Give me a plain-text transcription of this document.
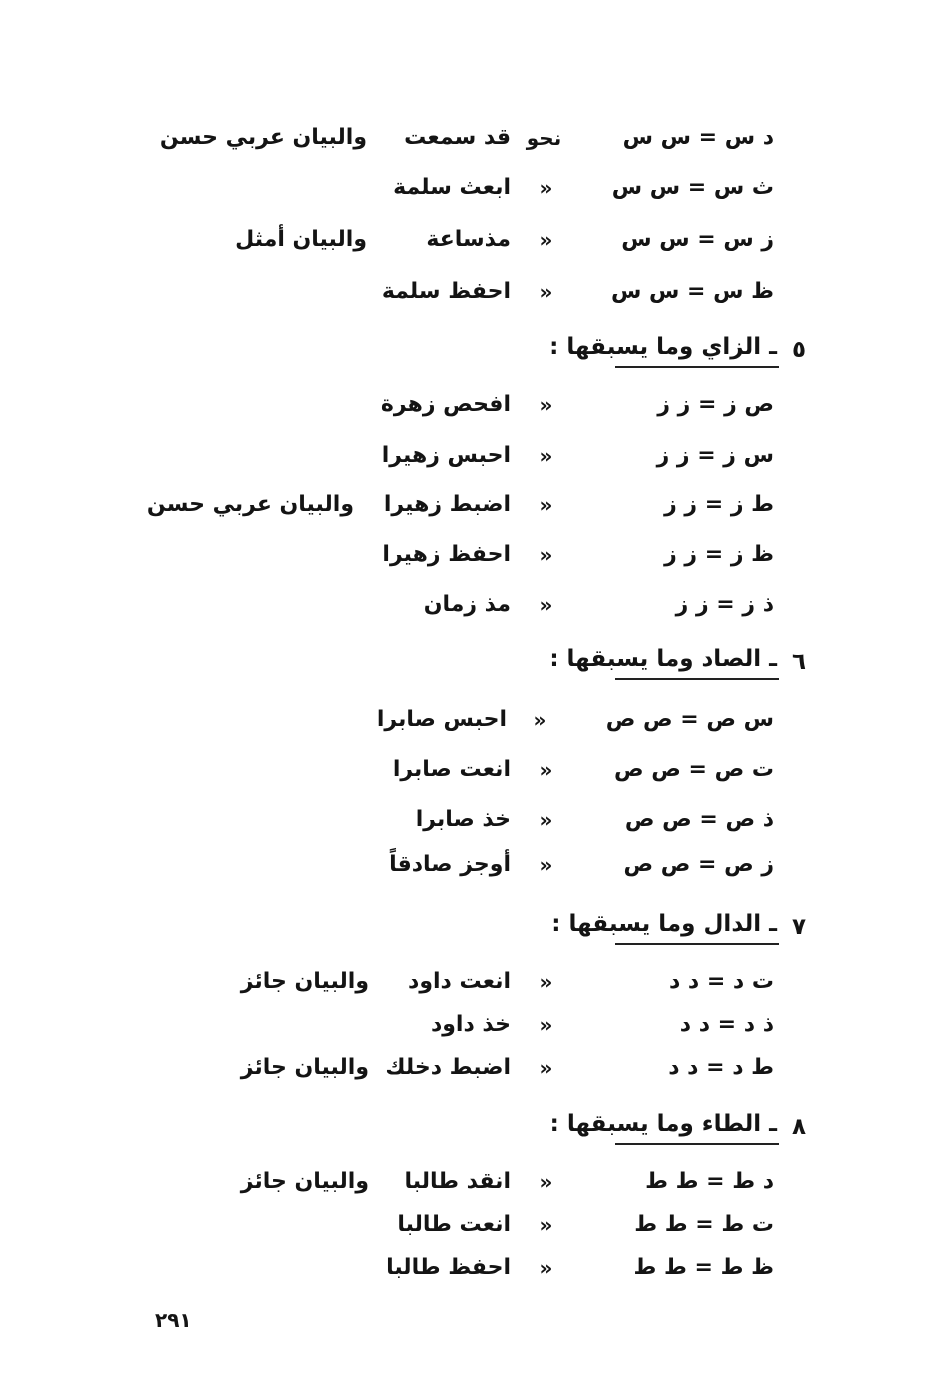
د س = س س
نحو
قد سمعت
والبيان عربي حسن
ث س = س س
»
ابعث سلمة
ز س = س س
»
مذساعة
والبيان أمثل
ظ س = س س
»
احفظ سلمة
٥
ـ الزاي وما يسبقها :
ص ز = ز ز
»
افحص زهرة
س ز = ز ز
»
احبس زهيرا
ط ز = ز ز
»
اضبط زهيرا
والبيان عربي حسن
ظ ز = ز ز
»
احفظ زهيرا
ذ ز = ز ز
»
مذ زمان
٦
ـ الصاد وما يسبقها :
س ص = ص ص
»
احبس صابرا
ت ص = ص ص
»
انعت صابرا
ذ ص = ص ص
»
خذ صابرا
ز ص = ص ص
»
أوجز صادقاً
٧
ـ الدال وما يسبقها :
ت د = د د
»
انعت داود
والبيان جائز
ذ د = د د
»
خذ داود
ط د = د د
»
اضبط دخلك
والبيان جائز
٨
ـ الطاء وما يسبقها :
د ط = ط ط
»
انقد طالبا
والبيان جائز
ت ط = ط ط
»
انعت طالبا
ظ ط = ط ط
»
احفظ طالبا
٢٩١
